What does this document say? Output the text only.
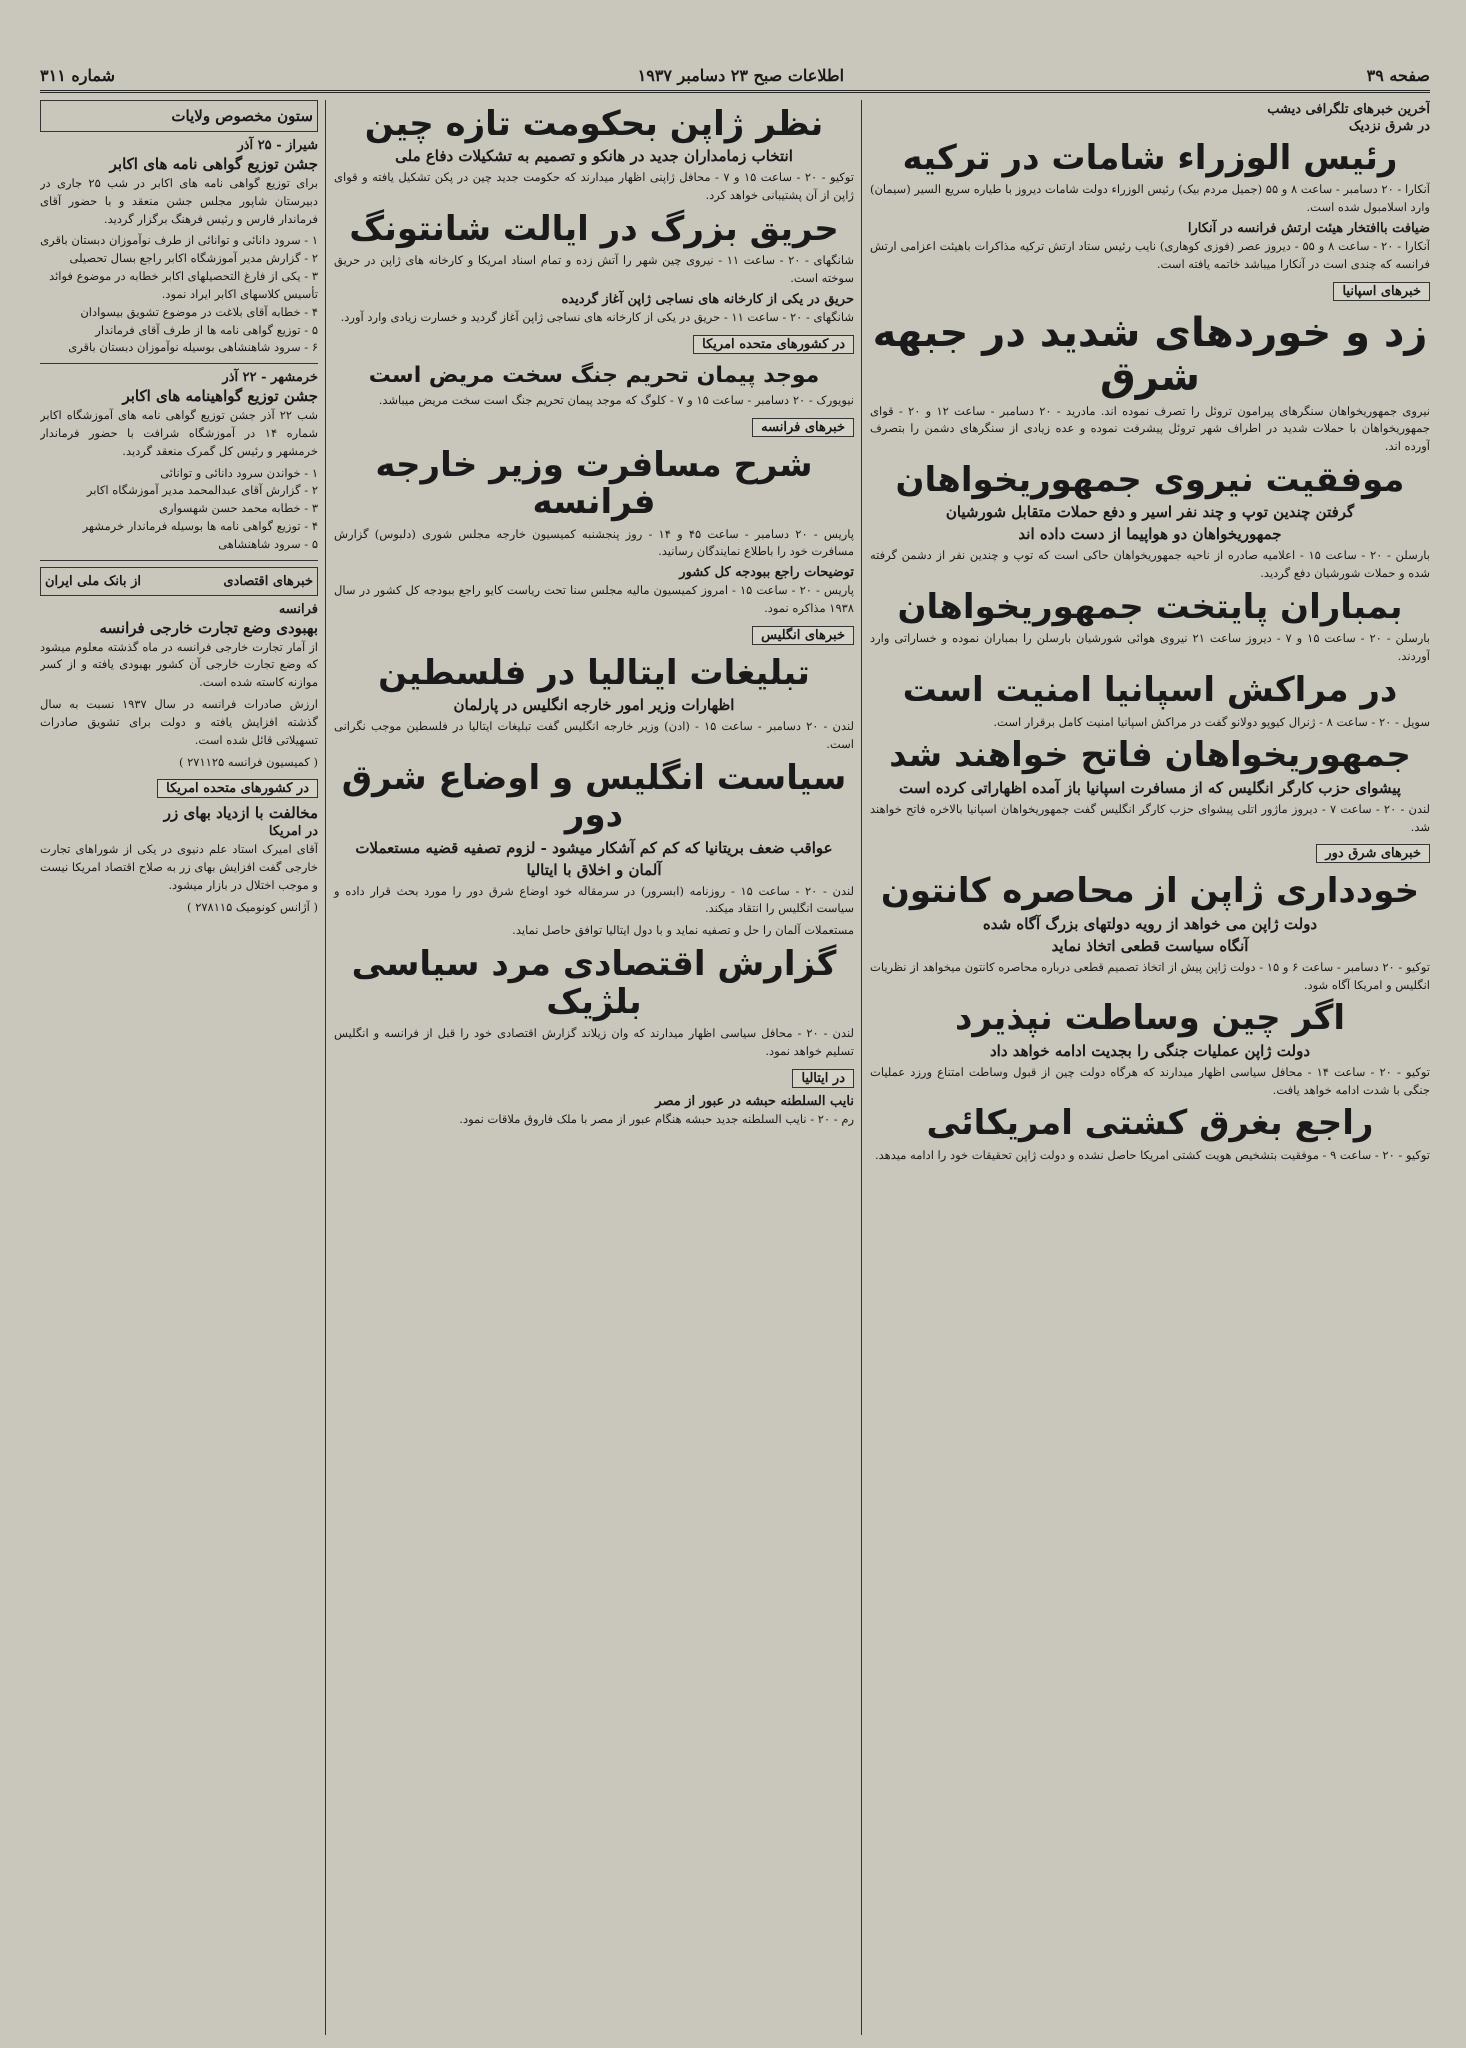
صفحه ۳۹
اطلاعات صبح ۲۳ دسامبر ۱۹۳۷
شماره ۳۱۱
آخرین خبرهای تلگرافی دیشب
در شرق نزدیک
رئیس الوزراء شامات در ترکیه

آنکارا - ۲۰ دسامبر - ساعت ۸ و ۵۵ (جمیل مردم بیک) رئیس الوزراء دولت شامات دیروز با طیاره سریع السیر (سیمان) وارد اسلامبول شده است.

ضیافت باافتخار هیئت ارتش فرانسه در آنکارا

آنکارا - ۲۰ - ساعت ۸ و ۵۵ - دیروز عصر (فوزی کوهاری) نایب رئیس ستاد ارتش ترکیه مذاکرات باهیئت اعزامی ارتش فرانسه که چندی است در آنکارا میباشد خاتمه یافته است.

خبرهای اسپانیا
زد و خوردهای شدید در جبهه شرق

نیروی جمهوریخواهان سنگرهای پیرامون تروئل را تصرف نموده اند. مادرید - ۲۰ دسامبر - ساعت ۱۲ و ۲۰ - قوای جمهوریخواهان با حملات شدید در اطراف شهر تروئل پیشرفت نموده و عده زیادی از سنگرهای دشمن را بتصرف آورده اند.

موفقیت نیروی جمهوریخواهان
گرفتن چندین توپ و چند نفر اسیر و دفع حملات متقابل شورشیان
جمهوریخواهان دو هواپیما از دست داده اند

بارسلن - ۲۰ - ساعت ۱۵ - اعلامیه صادره از ناحیه جمهوریخواهان حاکی است که توپ و چندین نفر از دشمن گرفته شده و حملات شورشیان دفع گردید.

بمباران پایتخت جمهوریخواهان

بارسلن - ۲۰ - ساعت ۱۵ و ۷ - دیروز ساعت ۲۱ نیروی هوائی شورشیان بارسلن را بمباران نموده و خساراتی وارد آوردند.

در مراکش اسپانیا امنیت است

سویل - ۲۰ - ساعت ۸ - ژنرال کیوپو دولانو گفت در مراکش اسپانیا امنیت کامل برقرار است.

جمهوریخواهان فاتح خواهند شد
پیشوای حزب کارگر انگلیس که از مسافرت اسپانیا باز آمده اظهاراتی کرده است

لندن - ۲۰ - ساعت ۷ - دیروز ماژور اتلی پیشوای حزب کارگر انگلیس گفت جمهوریخواهان اسپانیا بالاخره فاتح خواهند شد.

خبرهای شرق دور
خودداری ژاپن از محاصره کانتون
دولت ژاپن می خواهد از رویه دولتهای بزرگ آگاه شده
آنگاه سیاست قطعی اتخاذ نماید

توکیو - ۲۰ دسامبر - ساعت ۶ و ۱۵ - دولت ژاپن پیش از اتخاذ تصمیم قطعی درباره محاصره کانتون میخواهد از نظریات انگلیس و امریکا آگاه شود.

اگر چین وساطت نپذیرد
دولت ژاپن عملیات جنگی را بجدیت ادامه خواهد داد

توکیو - ۲۰ - ساعت ۱۴ - محافل سیاسی اظهار میدارند که هرگاه دولت چین از قبول وساطت امتناع ورزد عملیات جنگی با شدت ادامه خواهد یافت.

راجع بغرق کشتی امریکائی

توکیو - ۲۰ - ساعت ۹ - موفقیت بتشخیص هویت کشتی امریکا حاصل نشده و دولت ژاپن تحقیقات خود را ادامه میدهد.

نظر ژاپن بحکومت تازه چین
انتخاب زمامداران جدید در هانکو و تصمیم به تشکیلات دفاع ملی

توکیو - ۲۰ - ساعت ۱۵ و ۷ - محافل ژاپنی اظهار میدارند که حکومت جدید چین در پکن تشکیل یافته و قوای ژاپن از آن پشتیبانی خواهد کرد.

حریق بزرگ در ایالت شانتونگ

شانگهای - ۲۰ - ساعت ۱۱ - نیروی چین شهر را آتش زده و تمام اسناد امریکا و کارخانه های ژاپن در حریق سوخته است.

حریق در یکی از کارخانه های نساجی ژاپن آغاز گردیده

شانگهای - ۲۰ - ساعت ۱۱ - حریق در یکی از کارخانه های نساجی ژاپن آغاز گردید و خسارت زیادی وارد آورد.

در کشورهای متحده امریکا
موجد پیمان تحریم جنگ سخت مریض است

نیویورک - ۲۰ دسامبر - ساعت ۱۵ و ۷ - کلوگ که موجد پیمان تحریم جنگ است سخت مریض میباشد.

خبرهای فرانسه
شرح مسافرت وزیر خارجه فرانسه

پاریس - ۲۰ دسامبر - ساعت ۴۵ و ۱۴ - روز پنجشنبه کمیسیون خارجه مجلس شوری (دلبوس) گزارش مسافرت خود را باطلاع نمایندگان رسانید.

توضیحات راجع ببودجه کل کشور

پاریس - ۲۰ - ساعت ۱۵ - امروز کمیسیون مالیه مجلس سنا تحت ریاست کایو راجع ببودجه کل کشور در سال ۱۹۳۸ مذاکره نمود.

خبرهای انگلیس
تبلیغات ایتالیا در فلسطین
اظهارات وزیر امور خارجه انگلیس در پارلمان

لندن - ۲۰ دسامبر - ساعت ۱۵ - (ادن) وزیر خارجه انگلیس گفت تبلیغات ایتالیا در فلسطین موجب نگرانی است.

سیاست انگلیس و اوضاع شرق دور
عواقب ضعف بریتانیا که کم کم آشکار میشود - لزوم تصفیه قضیه مستعملات
آلمان و اخلاق با ایتالیا

لندن - ۲۰ - ساعت ۱۵ - روزنامه (ابسرور) در سرمقاله خود اوضاع شرق دور را مورد بحث قرار داده و سیاست انگلیس را انتقاد میکند.

مستعملات آلمان را حل و تصفیه نماید و با دول ایتالیا توافق حاصل نماید.

گزارش اقتصادی مرد سیاسی بلژیک

لندن - ۲۰ - محافل سیاسی اظهار میدارند که وان زیلاند گزارش اقتصادی خود را قبل از فرانسه و انگلیس تسلیم خواهد نمود.

در ایتالیا
نایب السلطنه حبشه در عبور از مصر

رم - ۲۰ - نایب السلطنه جدید حبشه هنگام عبور از مصر با ملک فاروق ملاقات نمود.

ستون مخصوص ولایات
شیراز - ۲۵ آذر
جشن توزیع گواهی نامه های اکابر

برای توزیع گواهی نامه های اکابر در شب ۲۵ جاری در دبیرستان شاپور مجلس جشن منعقد و با حضور آقای فرماندار فارس و رئیس فرهنگ برگزار گردید.

۱ - سرود دانائی و توانائی از طرف نوآموزان دبستان باقری

۲ - گزارش مدیر آموزشگاه اکابر راجع بسال تحصیلی

۳ - یکی از فارغ التحصیلهای اکابر خطابه در موضوع فوائد تأسیس کلاسهای اکابر ایراد نمود.

۴ - خطابه آقای بلاغت در موضوع تشویق بیسوادان

۵ - توزیع گواهی نامه ها از طرف آقای فرماندار

۶ - سرود شاهنشاهی بوسیله نوآموزان دبستان باقری

خرمشهر - ۲۲ آذر
جشن توزیع گواهینامه های اکابر

شب ۲۲ آذر جشن توزیع گواهی نامه های آموزشگاه اکابر شماره ۱۴ در آموزشگاه شرافت با حضور فرماندار خرمشهر و رئیس کل گمرک منعقد گردید.

۱ - خواندن سرود دانائی و توانائی

۲ - گزارش آقای عبدالمحمد مدیر آموزشگاه اکابر

۳ - خطابه محمد حسن شهسواری

۴ - توزیع گواهی نامه ها بوسیله فرماندار خرمشهر

۵ - سرود شاهنشاهی

خبرهای اقتصادی
از بانک ملی ایران
فرانسه
بهبودی وضع تجارت خارجی فرانسه

از آمار تجارت خارجی فرانسه در ماه گذشته معلوم میشود که وضع تجارت خارجی آن کشور بهبودی یافته و از کسر موازنه کاسته شده است.

ارزش صادرات فرانسه در سال ۱۹۳۷ نسبت به سال گذشته افزایش یافته و دولت برای تشویق صادرات تسهیلاتی قائل شده است.

( کمیسیون فرانسه ۲۷۱۱۲۵ )

در کشورهای متحده امریکا
مخالفت با ازدیاد بهای زر
در امریکا

آقای امیرک استاد علم دنیوی در یکی از شوراهای تجارت خارجی گفت افزایش بهای زر به صلاح اقتصاد امریکا نیست و موجب اختلال در بازار میشود.

( آژانس کونومیک ۲۷۸۱۱۵ )
